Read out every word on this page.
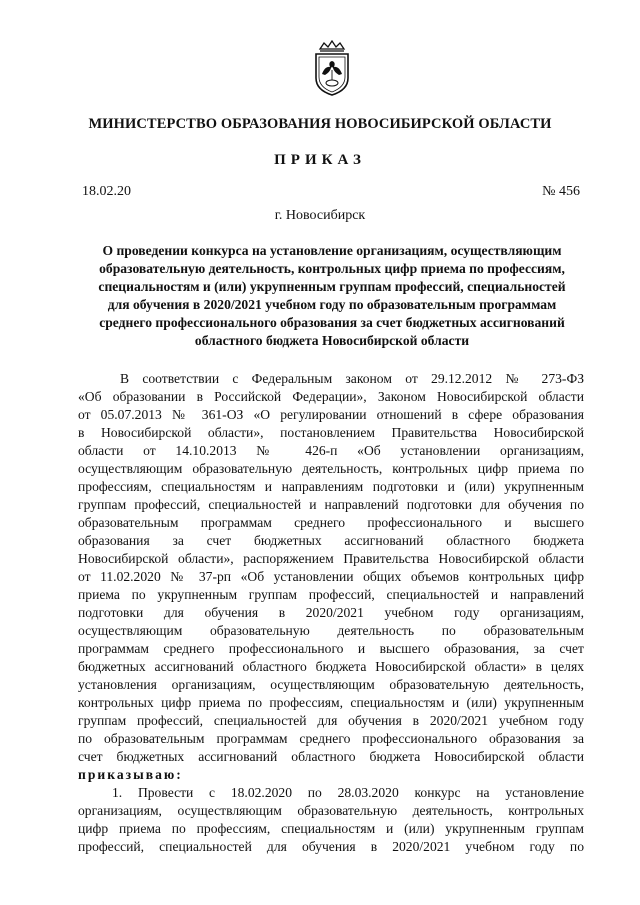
МИНИСТЕРСТВО ОБРАЗОВАНИЯ НОВОСИБИРСКОЙ ОБЛАСТИ
ПРИКАЗ
18.02.20	№ 456
г. Новосибирск
О проведении конкурса на установление организациям, осуществляющим
образовательную деятельность, контрольных цифр приема по профессиям,
специальностям и (или) укрупненным группам профессий, специальностей
для обучения в 2020/2021 учебном году по образовательным программам
среднего профессионального образования за счет бюджетных ассигнований
областного бюджета Новосибирской области
В соответствии с Федеральным законом от 29.12.2012 № 273-ФЗ
«Об образовании в Российской Федерации», Законом Новосибирской области
от 05.07.2013 № 361-ОЗ «О регулировании отношений в сфере образования
в Новосибирской области», постановлением Правительства Новосибирской
области от 14.10.2013 № 426-п «Об установлении организациям,
осуществляющим образовательную деятельность, контрольных цифр приема по
профессиям, специальностям и направлениям подготовки и (или) укрупненным
группам профессий, специальностей и направлений подготовки для обучения по
образовательным программам среднего профессионального и высшего
образования за счет бюджетных ассигнований областного бюджета
Новосибирской области», распоряжением Правительства Новосибирской области
от 11.02.2020 № 37-рп «Об установлении общих объемов контрольных цифр
приема по укрупненным группам профессий, специальностей и направлений
подготовки для обучения в 2020/2021 учебном году организациям,
осуществляющим образовательную деятельность по образовательным
программам среднего профессионального и высшего образования, за счет
бюджетных ассигнований областного бюджета Новосибирской области» в целях
установления организациям, осуществляющим образовательную деятельность,
контрольных цифр приема по профессиям, специальностям и (или) укрупненным
группам профессий, специальностей для обучения в 2020/2021 учебном году
по образовательным программам среднего профессионального образования за
счет бюджетных ассигнований областного бюджета Новосибирской области
приказываю:
1. Провести с 18.02.2020 по 28.03.2020 конкурс на установление
организациям, осуществляющим образовательную деятельность, контрольных
цифр приема по профессиям, специальностям и (или) укрупненным группам
профессий, специальностей для обучения в 2020/2021 учебном году по
